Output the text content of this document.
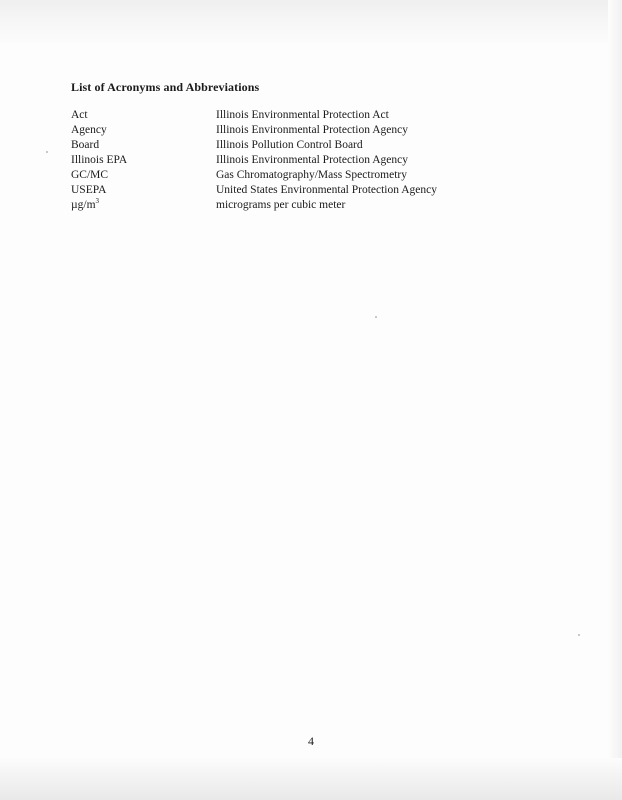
List of Acronyms and Abbreviations
Act	Illinois Environmental Protection Act
Agency	Illinois Environmental Protection Agency
Board	Illinois Pollution Control Board
Illinois EPA	Illinois Environmental Protection Agency
GC/MC	Gas Chromatography/Mass Spectrometry
USEPA	United States Environmental Protection Agency
$\mu g/m^3$	micrograms per cubic meter
4
